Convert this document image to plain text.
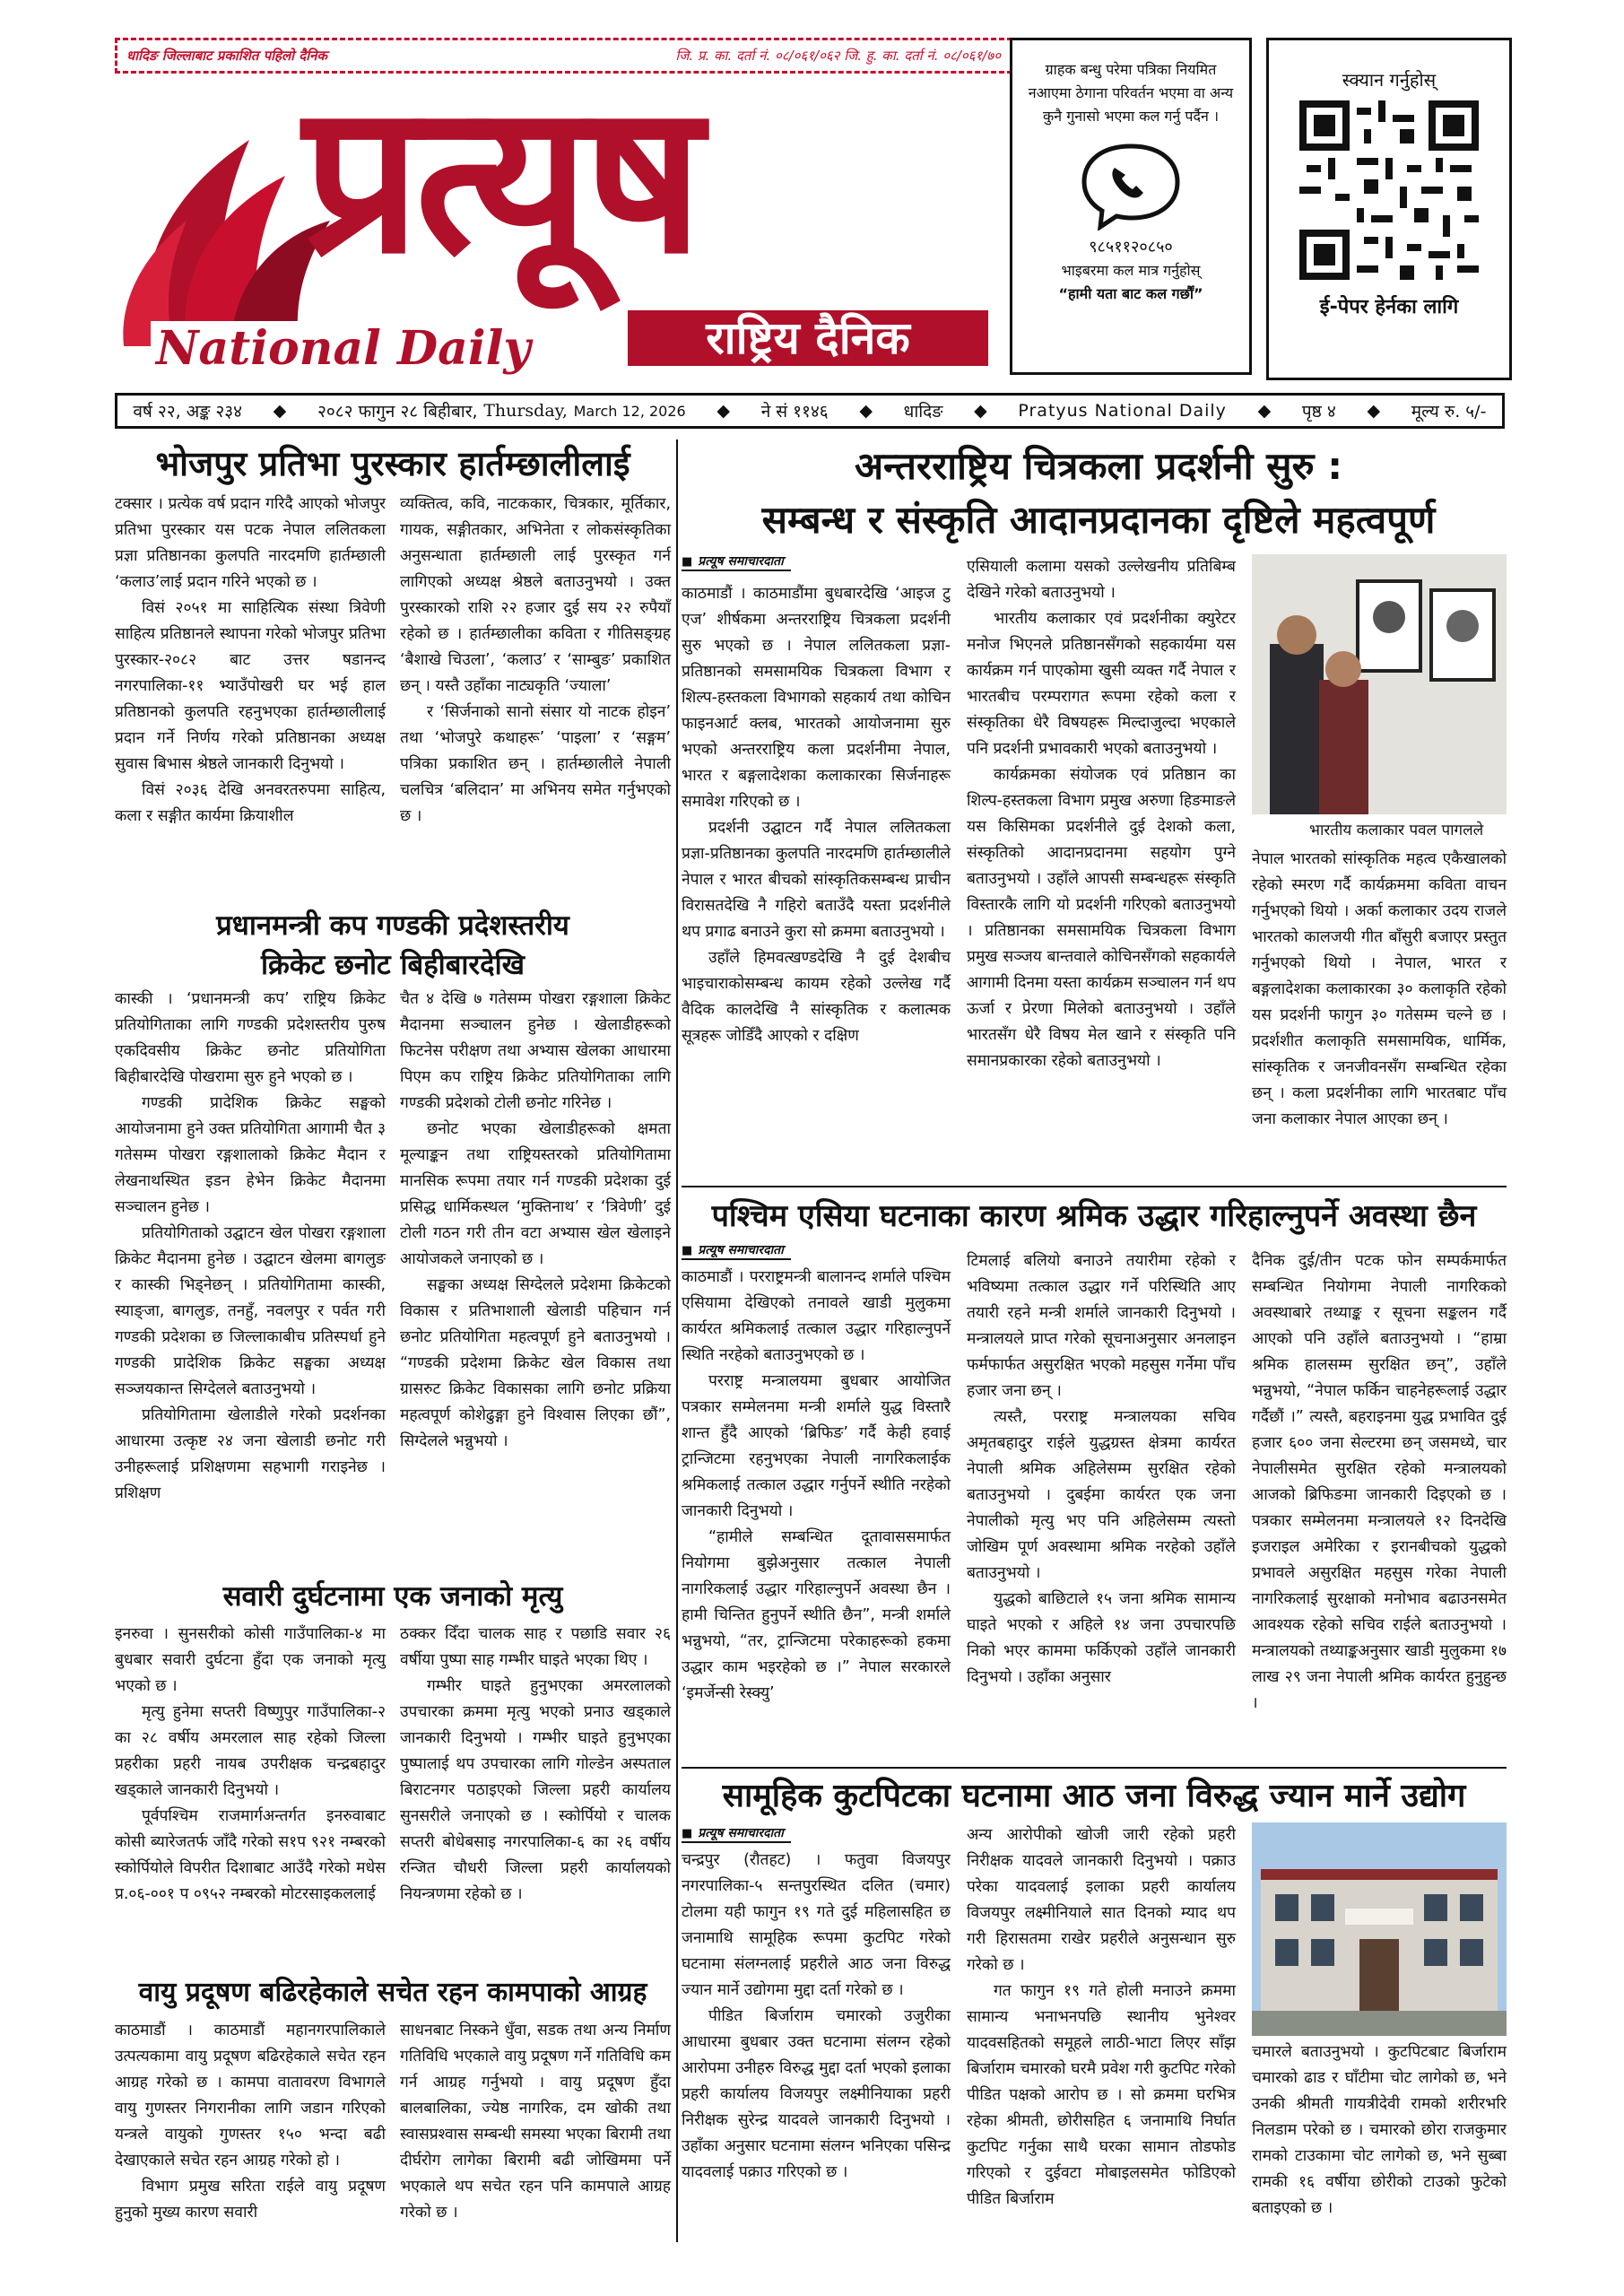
धादिङ जिल्लाबाट प्रकाशित पहिलो दैनिक	जि. प्र. का. दर्ता नं. ०८/०६१/०६२ जि. हु. का. दर्ता नं. ०८/०६१/७०
प्रत्यूष
National Daily	राष्ट्रिय दैनिक
ग्राहक बन्धु परेमा पत्रिका नियमित नआएमा ठेगाना परिवर्तन भएमा वा अन्य कुनै गुनासो भएमा कल गर्नु पर्दैन ।
९८५११२०८५०
भाइबरमा कल मात्र गर्नुहोस्
“हामी यता बाट कल गर्छौं”
स्क्यान गर्नुहोस्
ई-पेपर हेर्नका लागि
वर्ष २२, अङ्क २३४ ◆ २०८२ फागुन २८ बिहीबार, Thursday, March 12, 2026 ◆ ने सं ११४६ ◆ धादिङ ◆ Pratyus National Daily ◆ पृष्ठ ४ ◆ मूल्य रु. ५/-
भोजपुर प्रतिभा पुरस्कार हार्तम्छालीलाई

टक्सार । प्रत्येक वर्ष प्रदान गरिदै आएको भोजपुर प्रतिभा पुरस्कार यस पटक नेपाल ललितकला प्रज्ञा प्रतिष्ठानका कुलपति नारदमणि हार्तम्छाली ‘कलाउ’लाई प्रदान गरिने भएको छ ।

विसं २०५१ मा साहित्यिक संस्था त्रिवेणी साहित्य प्रतिष्ठानले स्थापना गरेको भोजपुर प्रतिभा पुरस्कार-२०८२ बाट उत्तर षडानन्द नगरपालिका-११ भ्याउँपोखरी घर भई हाल प्रतिष्ठानको कुलपति रहनुभएका हार्तम्छालीलाई प्रदान गर्ने निर्णय गरेको प्रतिष्ठानका अध्यक्ष सुवास बिभास श्रेष्ठले जानकारी दिनुभयो ।

विसं २०३६ देखि अनवरतरुपमा साहित्य, कला र सङ्गीत कार्यमा क्रियाशील

व्यक्तित्व, कवि, नाटककार, चित्रकार, मूर्तिकार, गायक, सङ्गीतकार, अभिनेता र लोकसंस्कृतिका अनुसन्धाता हार्तम्छाली लाई पुरस्कृत गर्न लागिएको अध्यक्ष श्रेष्ठले बताउनुभयो । उक्त पुरस्कारको राशि २२ हजार दुई सय २२ रुपैयाँ रहेको छ । हार्तम्छालीका कविता र गीतिसङ्ग्रह ‘बैशाखे चिउला’, ‘कलाउ’ र ‘साम्बुङ’ प्रकाशित छन् । यस्तै उहाँका नाट्यकृति ‘ज्याला’

र ‘सिर्जनाको सानो संसार यो नाटक होइन’ तथा ‘भोजपुरे कथाहरू’ ‘पाइला’ र ‘सङ्गम’ पत्रिका प्रकाशित छन् । हार्तम्छालीले नेपाली चलचित्र ‘बलिदान’ मा अभिनय समेत गर्नुभएको छ ।

प्रधानमन्त्री कप गण्डकी प्रदेशस्तरीय
क्रिकेट छनोट बिहीबारदेखि

कास्की । ‘प्रधानमन्त्री कप’ राष्ट्रिय क्रिकेट प्रतियोगिताका लागि गण्डकी प्रदेशस्तरीय पुरुष एकदिवसीय क्रिकेट छनोट प्रतियोगिता बिहीबारदेखि पोखरामा सुरु हुने भएको छ ।

गण्डकी प्रादेशिक क्रिकेट सङ्घको आयोजनामा हुने उक्त प्रतियोगिता आगामी चैत ३ गतेसम्म पोखरा रङ्गशालाको क्रिकेट मैदान र लेखनाथस्थित इडन हेभेन क्रिकेट मैदानमा सञ्चालन हुनेछ ।

प्रतियोगिताको उद्घाटन खेल पोखरा रङ्गशाला क्रिकेट मैदानमा हुनेछ । उद्घाटन खेलमा बागलुङ र कास्की भिड्नेछन् । प्रतियोगितामा कास्की, स्याङ्जा, बागलुङ, तनहुँ, नवलपुर र पर्वत गरी गण्डकी प्रदेशका छ जिल्लाकाबीच प्रतिस्पर्धा हुने गण्डकी प्रादेशिक क्रिकेट सङ्घका अध्यक्ष सञ्जयकान्त सिग्देलले बताउनुभयो ।

प्रतियोगितामा खेलाडीले गरेको प्रदर्शनका आधारमा उत्कृष्ट २४ जना खेलाडी छनोट गरी उनीहरूलाई प्रशिक्षणमा सहभागी गराइनेछ । प्रशिक्षण

चैत ४ देखि ७ गतेसम्म पोखरा रङ्गशाला क्रिकेट मैदानमा सञ्चालन हुनेछ । खेलाडीहरूको फिटनेस परीक्षण तथा अभ्यास खेलका आधारमा पिएम कप राष्ट्रिय क्रिकेट प्रतियोगिताका लागि गण्डकी प्रदेशको टोली छनोट गरिनेछ ।

छनोट भएका खेलाडीहरूको क्षमता मूल्याङ्कन तथा राष्ट्रियस्तरको प्रतियोगितामा मानसिक रूपमा तयार गर्न गण्डकी प्रदेशका दुई प्रसिद्ध धार्मिकस्थल ‘मुक्तिनाथ’ र ‘त्रिवेणी’ दुई टोली गठन गरी तीन वटा अभ्यास खेल खेलाइने आयोजकले जनाएको छ ।

सङ्घका अध्यक्ष सिग्देलले प्रदेशमा क्रिकेटको विकास र प्रतिभाशाली खेलाडी पहिचान गर्न छनोट प्रतियोगिता महत्वपूर्ण हुने बताउनुभयो । “गण्डकी प्रदेशमा क्रिकेट खेल विकास तथा ग्रासरुट क्रिकेट विकासका लागि छनोट प्रक्रिया महत्वपूर्ण कोशेढुङ्गा हुने विश्वास लिएका छौं”, सिग्देलले भन्नुभयो ।

सवारी दुर्घटनामा एक जनाको मृत्यु

इनरुवा । सुनसरीको कोसी गाउँपालिका-४ मा बुधबार सवारी दुर्घटना हुँदा एक जनाको मृत्यु भएको छ ।

मृत्यु हुनेमा सप्तरी विष्णुपुर गाउँपालिका-२ का २८ वर्षीय अमरलाल साह रहेको जिल्ला प्रहरीका प्रहरी नायब उपरीक्षक चन्द्रबहादुर खड्काले जानकारी दिनुभयो ।

पूर्वपश्चिम राजमार्गअन्तर्गत इनरुवाबाट कोसी ब्यारेजतर्फ जाँदै गरेको स१प ९२१ नम्बरको स्कोर्पियोले विपरीत दिशाबाट आउँदै गरेको मधेस प्र.०६-००१ प ०९५२ नम्बरको मोटरसाइकललाई

ठक्कर दिँदा चालक साह र पछाडि सवार २६ वर्षीया पुष्पा साह गम्भीर घाइते भएका थिए ।

गम्भीर घाइते हुनुभएका अमरलालको उपचारका क्रममा मृत्यु भएको प्रनाउ खड्काले जानकारी दिनुभयो । गम्भीर घाइते हुनुभएका पुष्पालाई थप उपचारका लागि गोल्डेन अस्पताल बिराटनगर पठाइएको जिल्ला प्रहरी कार्यालय सुनसरीले जनाएको छ । स्कोर्पियो र चालक सप्तरी बोधेबसाइ नगरपालिका-६ का २६ वर्षीय रन्जित चौधरी जिल्ला प्रहरी कार्यालयको नियन्त्रणमा रहेको छ ।

वायु प्रदूषण बढिरहेकाले सचेत रहन कामपाको आग्रह

काठमाडौं । काठमाडौं महानगरपालिकाले उत्पत्यकामा वायु प्रदूषण बढिरहेकाले सचेत रहन आग्रह गरेको छ । कामपा वातावरण विभागले वायु गुणस्तर निगरानीका लागि जडान गरिएको यन्त्रले वायुको गुणस्तर १५० भन्दा बढी देखाएकाले सचेत रहन आग्रह गरेको हो ।

विभाग प्रमुख सरिता राईले वायु प्रदूषण हुनुको मुख्य कारण सवारी

साधनबाट निस्कने धुँवा, सडक तथा अन्य निर्माण गतिविधि भएकाले वायु प्रदूषण गर्ने गतिविधि कम गर्न आग्रह गर्नुभयो । वायु प्रदूषण हुँदा बालबालिका, ज्येष्ठ नागरिक, दम खोकी तथा स्वासप्रश्वास सम्बन्धी समस्या भएका बिरामी तथा दीर्घरोग लागेका बिरामी बढी जोखिममा पर्ने भएकाले थप सचेत रहन पनि कामपाले आग्रह गरेको छ ।

अन्तरराष्ट्रिय चित्रकला प्रदर्शनी सुरु :
सम्बन्ध र संस्कृति आदानप्रदानका दृष्टिले महत्वपूर्ण
■ प्रत्यूष समाचारदाता

काठमाडौं । काठमाडौंमा बुधबारदेखि ‘आइज टु एज’ शीर्षकमा अन्तरराष्ट्रिय चित्रकला प्रदर्शनी सुरु भएको छ । नेपाल ललितकला प्रज्ञा-प्रतिष्ठानको समसामयिक चित्रकला विभाग र शिल्प-हस्तकला विभागको सहकार्य तथा कोचिन फाइनआर्ट क्लब, भारतको आयोजनामा सुरु भएको अन्तरराष्ट्रिय कला प्रदर्शनीमा नेपाल, भारत र बङ्गलादेशका कलाकारका सिर्जनाहरू समावेश गरिएको छ ।

प्रदर्शनी उद्घाटन गर्दै नेपाल ललितकला प्रज्ञा-प्रतिष्ठानका कुलपति नारदमणि हार्तम्छालीले नेपाल र भारत बीचको सांस्कृतिकसम्बन्ध प्राचीन विरासतदेखि नै गहिरो बताउँदै यस्ता प्रदर्शनीले थप प्रगाढ बनाउने कुरा सो क्रममा बताउनुभयो ।

उहाँले हिमवत्खण्डदेखि नै दुई देशबीच भाइचाराकोसम्बन्ध कायम रहेको उल्लेख गर्दै वैदिक कालदेखि नै सांस्कृतिक र कलात्मक सूत्रहरू जोडिँदै आएको र दक्षिण

एसियाली कलामा यसको उल्लेखनीय प्रतिबिम्ब देखिने गरेको बताउनुभयो ।

भारतीय कलाकार एवं प्रदर्शनीका क्युरेटर मनोज भिएनले प्रतिष्ठानसँगको सहकार्यमा यस कार्यक्रम गर्न पाएकोमा खुसी व्यक्त गर्दै नेपाल र भारतबीच परम्परागत रूपमा रहेको कला र संस्कृतिका धेरै विषयहरू मिल्दाजुल्दा भएकाले पनि प्रदर्शनी प्रभावकारी भएको बताउनुभयो ।

कार्यक्रमका संयोजक एवं प्रतिष्ठान का शिल्प-हस्तकला विभाग प्रमुख अरुणा हिङमाङले यस किसिमका प्रदर्शनीले दुई देशको कला, संस्कृतिको आदानप्रदानमा सहयोग पुग्ने बताउनुभयो । उहाँले आपसी सम्बन्धहरू संस्कृति विस्तारकै लागि यो प्रदर्शनी गरिएको बताउनुभयो । प्रतिष्ठानका समसामयिक चित्रकला विभाग प्रमुख सञ्जय बान्तवाले कोचिनसँगको सहकार्यले आगामी दिनमा यस्ता कार्यक्रम सञ्चालन गर्न थप ऊर्जा र प्रेरणा मिलेको बताउनुभयो । उहाँले भारतसँग धेरै विषय मेल खाने र संस्कृति पनि समानप्रकारका रहेको बताउनुभयो ।

भारतीय कलाकार पवल पागलले

नेपाल भारतको सांस्कृतिक महत्व एकैखालको रहेको स्मरण गर्दै कार्यक्रममा कविता वाचन गर्नुभएको थियो । अर्का कलाकार उदय राजले भारतको कालजयी गीत बाँसुरी बजाएर प्रस्तुत गर्नुभएको थियो । नेपाल, भारत र बङ्गलादेशका कलाकारका ३० कलाकृति रहेको यस प्रदर्शनी फागुन ३० गतेसम्म चल्ने छ । प्रदर्शशीत कलाकृति समसामयिक, धार्मिक, सांस्कृतिक र जनजीवनसँग सम्बन्धित रहेका छन् । कला प्रदर्शनीका लागि भारतबाट पाँच जना कलाकार नेपाल आएका छन् ।

पश्चिम एसिया घटनाका कारण श्रमिक उद्धार गरिहाल्नुपर्ने अवस्था छैन
■ प्रत्यूष समाचारदाता

काठमाडौं । परराष्ट्रमन्त्री बालानन्द शर्माले पश्चिम एसियामा देखिएको तनावले खाडी मुलुकमा कार्यरत श्रमिकलाई तत्काल उद्धार गरिहाल्नुपर्ने स्थिति नरहेको बताउनुभएको छ ।

परराष्ट्र मन्त्रालयमा बुधबार आयोजित पत्रकार सम्मेलनमा मन्त्री शर्माले युद्ध विस्तारै शान्त हुँदै आएको ‘ब्रिफिङ’ गर्दै केही हवाई ट्रान्जिटमा रहनुभएका नेपाली नागरिकलाईक श्रमिकलाई तत्काल उद्धार गर्नुपर्ने स्थीति नरहेको जानकारी दिनुभयो ।

“हामीले सम्बन्धित दूतावाससमार्फत नियोगमा बुझेअनुसार तत्काल नेपाली नागरिकलाई उद्धार गरिहाल्नुपर्ने अवस्था छैन । हामी चिन्तित हुनुपर्ने स्थीति छैन”, मन्त्री शर्माले भन्नुभयो, “तर, ट्रान्जिटमा परेकाहरूको हकमा उद्धार काम भइरहेको छ ।” नेपाल सरकारले ‘इमर्जेन्सी रेस्क्यु’

टिमलाई बलियो बनाउने तयारीमा रहेको र भविष्यमा तत्काल उद्धार गर्ने परिस्थिति आए तयारी रहने मन्त्री शर्माले जानकारी दिनुभयो । मन्त्रालयले प्राप्त गरेको सूचनाअनुसार अनलाइन फर्मफार्फत असुरक्षित भएको महसुस गर्नेमा पाँच हजार जना छन् ।

त्यस्तै, परराष्ट्र मन्त्रालयका सचिव अमृतबहादुर राईले युद्धग्रस्त क्षेत्रमा कार्यरत नेपाली श्रमिक अहिलेसम्म सुरक्षित रहेको बताउनुभयो । दुबईमा कार्यरत एक जना नेपालीको मृत्यु भए पनि अहिलेसम्म त्यस्तो जोखिम पूर्ण अवस्थामा श्रमिक नरहेको उहाँले बताउनुभयो ।

युद्धको बाछिटाले १५ जना श्रमिक सामान्य घाइते भएको र अहिले १४ जना उपचारपछि निको भएर काममा फर्किएको उहाँले जानकारी दिनुभयो । उहाँका अनुसार

दैनिक दुई/तीन पटक फोन सम्पर्कमार्फत सम्बन्धित नियोगमा नेपाली नागरिकको अवस्थाबारे तथ्याङ्क र सूचना सङ्कलन गर्दै आएको पनि उहाँले बताउनुभयो । “हाम्रा श्रमिक हालसम्म सुरक्षित छन्”, उहाँले भन्नुभयो, “नेपाल फर्किन चाहनेहरूलाई उद्धार गर्दैछौं ।” त्यस्तै, बहराइनमा युद्ध प्रभावित दुई हजार ६०० जना सेल्टरमा छन् जसमध्ये, चार नेपालीसमेत सुरक्षित रहेको मन्त्रालयको आजको ब्रिफिङमा जानकारी दिइएको छ । पत्रकार सम्मेलनमा मन्त्रालयले १२ दिनदेखि इजराइल अमेरिका र इरानबीचको युद्धको प्रभावले असुरक्षित महसुस गरेका नेपाली नागरिकलाई सुरक्षाको मनोभाव बढाउनसमेत आवश्यक रहेको सचिव राईले बताउनुभयो । मन्त्रालयको तथ्याङ्कअनुसार खाडी मुलुकमा १७ लाख २९ जना नेपाली श्रमिक कार्यरत हुनुहुन्छ ।

सामूहिक कुटपिटका घटनामा आठ जना विरुद्ध ज्यान मार्ने उद्योग
■ प्रत्यूष समाचारदाता

चन्द्रपुर (रौतहट) । फतुवा विजयपुर नगरपालिका-५ सन्तपुरस्थित दलित (चमार) टोलमा यही फागुन १९ गते दुई महिलासहित छ जनामाथि सामूहिक रूपमा कुटपिट गरेको घटनामा संलग्नलाई प्रहरीले आठ जना विरुद्ध ज्यान मार्ने उद्योगमा मुद्दा दर्ता गरेको छ ।

पीडित बिर्जाराम चमारको उजुरीका आधारमा बुधबार उक्त घटनामा संलग्न रहेको आरोपमा उनीहरु विरुद्ध मुद्दा दर्ता भएको इलाका प्रहरी कार्यालय विजयपुर लक्ष्मीनियाका प्रहरी निरीक्षक सुरेन्द्र यादवले जानकारी दिनुभयो । उहाँका अनुसार घटनामा संलग्न भनिएका पसिन्द्र यादवलाई पक्राउ गरिएको छ ।

अन्य आरोपीको खोजी जारी रहेको प्रहरी निरीक्षक यादवले जानकारी दिनुभयो । पक्राउ परेका यादवलाई इलाका प्रहरी कार्यालय विजयपुर लक्ष्मीनियाले सात दिनको म्याद थप गरी हिरासतमा राखेर प्रहरीले अनुसन्धान सुरु गरेको छ ।

गत फागुन १९ गते होली मनाउने क्रममा सामान्य भनाभनपछि स्थानीय भुनेश्वर यादवसहितको समूहले लाठी-भाटा लिएर साँझ बिर्जाराम चमारको घरमै प्रवेश गरी कुटपिट गरेको पीडित पक्षको आरोप छ । सो क्रममा घरभित्र रहेका श्रीमती, छोरीसहित ६ जनामाथि निर्घात कुटपिट गर्नुका साथै घरका सामान तोडफोड गरिएको र दुईवटा मोबाइलसमेत फोडिएको पीडित बिर्जाराम

चमारले बताउनुभयो । कुटपिटबाट बिर्जाराम चमारको ढाड र घाँटीमा चोट लागेको छ, भने उनकी श्रीमती गायत्रीदेवी रामको शरीरभरि निलडाम परेको छ । चमारको छोरा राजकुमार रामको टाउकामा चोट लागेको छ, भने सुब्बा रामकी १६ वर्षीया छोरीको टाउको फुटेको बताइएको छ ।
